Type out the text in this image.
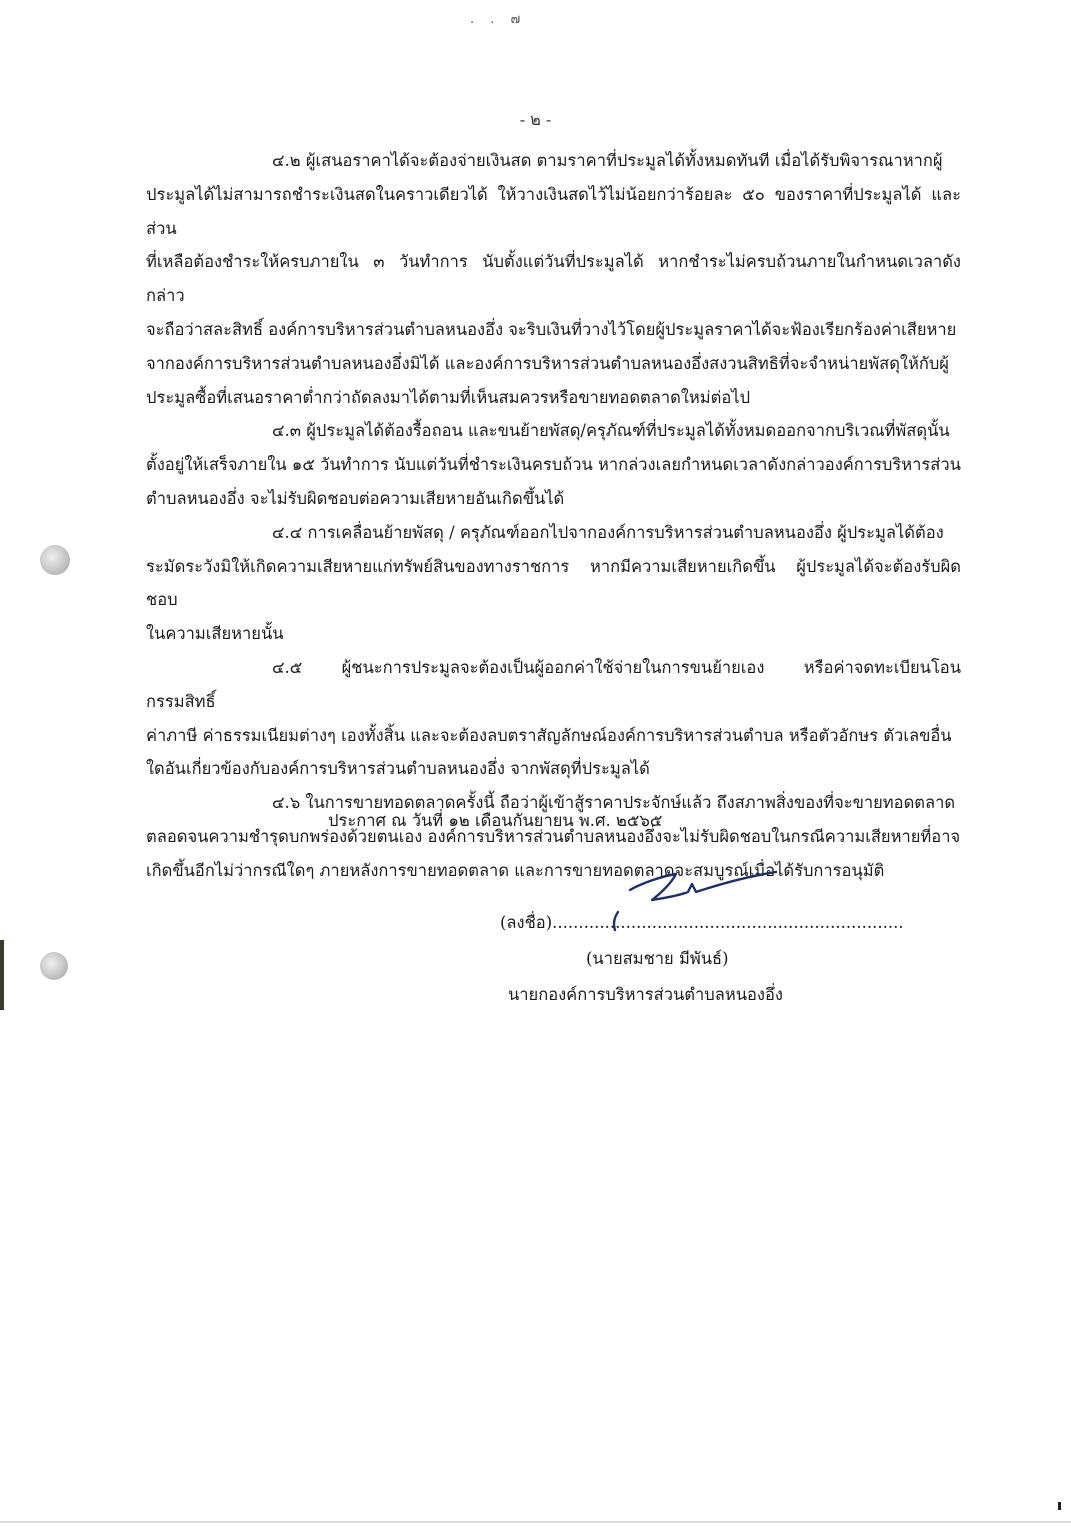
. . ๗
- ๒ -
๔.๒ ผู้เสนอราคาได้จะต้องจ่ายเงินสด ตามราคาที่ประมูลได้ทั้งหมดทันที เมื่อได้รับพิจารณาหากผู้
ประมูลได้ไม่สามารถชำระเงินสดในคราวเดียวได้ ให้วางเงินสดไว้ไม่น้อยกว่าร้อยละ ๕๐ ของราคาที่ประมูลได้ และส่วน
ที่เหลือต้องชำระให้ครบภายใน ๓ วันทำการ นับตั้งแต่วันที่ประมูลได้ หากชำระไม่ครบถ้วนภายในกำหนดเวลาดังกล่าว
จะถือว่าสละสิทธิ์ องค์การบริหารส่วนตำบลหนองอึ่ง จะริบเงินที่วางไว้โดยผู้ประมูลราคาได้จะฟ้องเรียกร้องค่าเสียหาย
จากองค์การบริหารส่วนตำบลหนองอึ่งมิได้ และองค์การบริหารส่วนตำบลหนองอึ่งสงวนสิทธิที่จะจำหน่ายพัสดุให้กับผู้
ประมูลซื้อที่เสนอราคาต่ำกว่าถัดลงมาได้ตามที่เห็นสมควรหรือขายทอดตลาดใหม่ต่อไป
๔.๓ ผู้ประมูลได้ต้องรื้อถอน และขนย้ายพัสดุ/ครุภัณฑ์ที่ประมูลได้ทั้งหมดออกจากบริเวณที่พัสดุนั้น
ตั้งอยู่ให้เสร็จภายใน ๑๕ วันทำการ นับแต่วันที่ชำระเงินครบถ้วน หากล่วงเลยกำหนดเวลาดังกล่าวองค์การบริหารส่วน
ตำบลหนองอึ่ง จะไม่รับผิดชอบต่อความเสียหายอันเกิดขึ้นได้
๔.๔ การเคลื่อนย้ายพัสดุ / ครุภัณฑ์ออกไปจากองค์การบริหารส่วนตำบลหนองอึ่ง ผู้ประมูลได้ต้อง
ระมัดระวังมิให้เกิดความเสียหายแก่ทรัพย์สินของทางราชการ หากมีความเสียหายเกิดขึ้น ผู้ประมูลได้จะต้องรับผิดชอบ
ในความเสียหายนั้น
๔.๕ ผู้ชนะการประมูลจะต้องเป็นผู้ออกค่าใช้จ่ายในการขนย้ายเอง หรือค่าจดทะเบียนโอนกรรมสิทธิ์
ค่าภาษี ค่าธรรมเนียมต่างๆ เองทั้งสิ้น และจะต้องลบตราสัญลักษณ์องค์การบริหารส่วนตำบล หรือตัวอักษร ตัวเลขอื่น
ใดอันเกี่ยวข้องกับองค์การบริหารส่วนตำบลหนองอึ่ง จากพัสดุที่ประมูลได้
๔.๖ ในการขายทอดตลาดครั้งนี้ ถือว่าผู้เข้าสู้ราคาประจักษ์แล้ว ถึงสภาพสิ่งของที่จะขายทอดตลาด
ตลอดจนความชำรุดบกพร่องด้วยตนเอง องค์การบริหารส่วนตำบลหนองอึ่งจะไม่รับผิดชอบในกรณีความเสียหายที่อาจ
เกิดขึ้นอีกไม่ว่ากรณีใดๆ ภายหลังการขายทอดตลาด และการขายทอดตลาดจะสมบูรณ์เมื่อได้รับการอนุมัติ
ประกาศ ณ วันที่ ๑๒ เดือนกันยายน พ.ศ. ๒๕๖๕
(ลงชื่อ)...................................................................
(นายสมชาย มีพันธ์)
นายกองค์การบริหารส่วนตำบลหนองอึ่ง
